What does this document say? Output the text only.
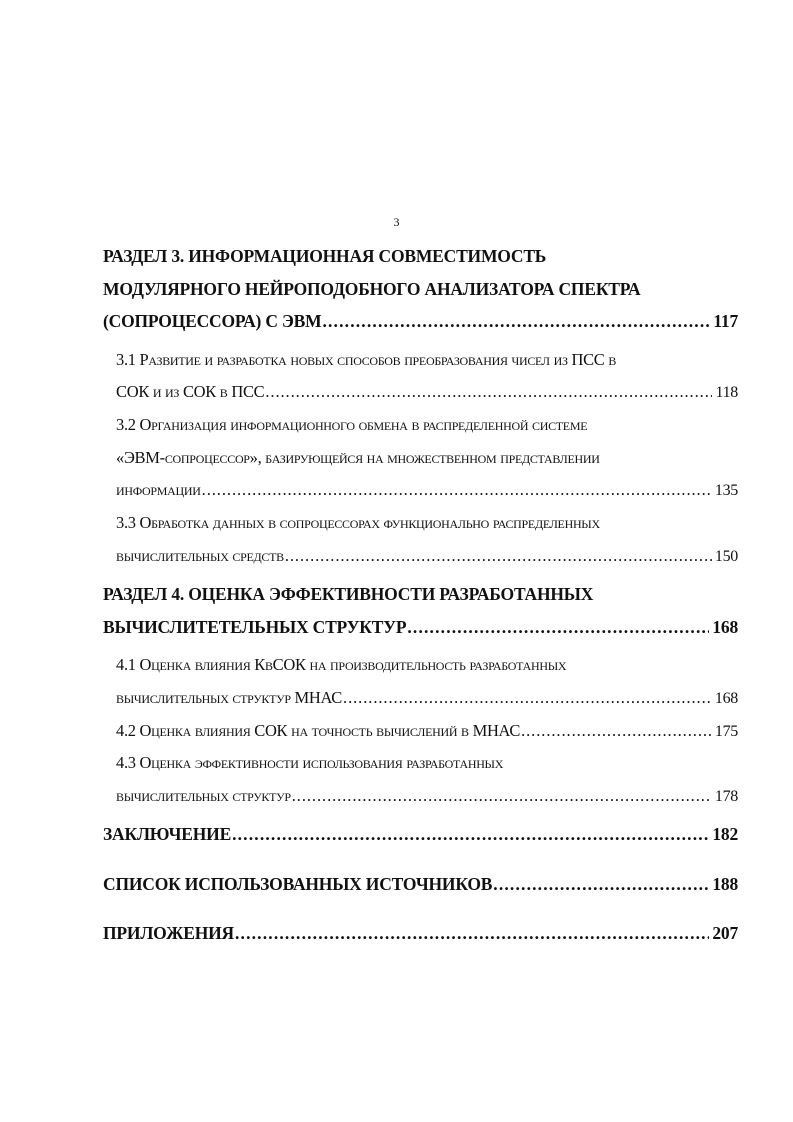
3
РАЗДЕЛ 3. ИНФОРМАЦИОННАЯ СОВМЕСТИМОСТЬ
МОДУЛЯРНОГО НЕЙРОПОДОБНОГО АНАЛИЗАТОРА СПЕКТРА
(СОПРОЦЕССОРА) С ЭВМ . . .	117
3.1 Развитие и разработка новых способов преобразования чисел из ПСС в
СОК и из СОК в ПСС . . .	118
3.2 Организация информационного обмена в распределенной системе
«ЭВМ-сопроцессор», базирующейся на множественном представлении
информации . . .	135
3.3 Обработка данных в сопроцессорах функционально распределенных
вычислительных средств . . .	150
РАЗДЕЛ 4. ОЦЕНКА ЭФФЕКТИВНОСТИ РАЗРАБОТАННЫХ
ВЫЧИСЛИТЕТЕЛЬНЫХ СТРУКТУР . . .	168
4.1 Оценка влияния КвСОК на производительность разработанных
вычислительных структур МНАС . . .	168
4.2 Оценка влияния СОК на точность вычислений в МНАС . . .	175
4.3 Оценка эффективности использования разработанных
вычислительных структур . . .	178
ЗАКЛЮЧЕНИЕ . . .	182
СПИСОК ИСПОЛЬЗОВАННЫХ ИСТОЧНИКОВ . . .	188
ПРИЛОЖЕНИЯ . . .	207
